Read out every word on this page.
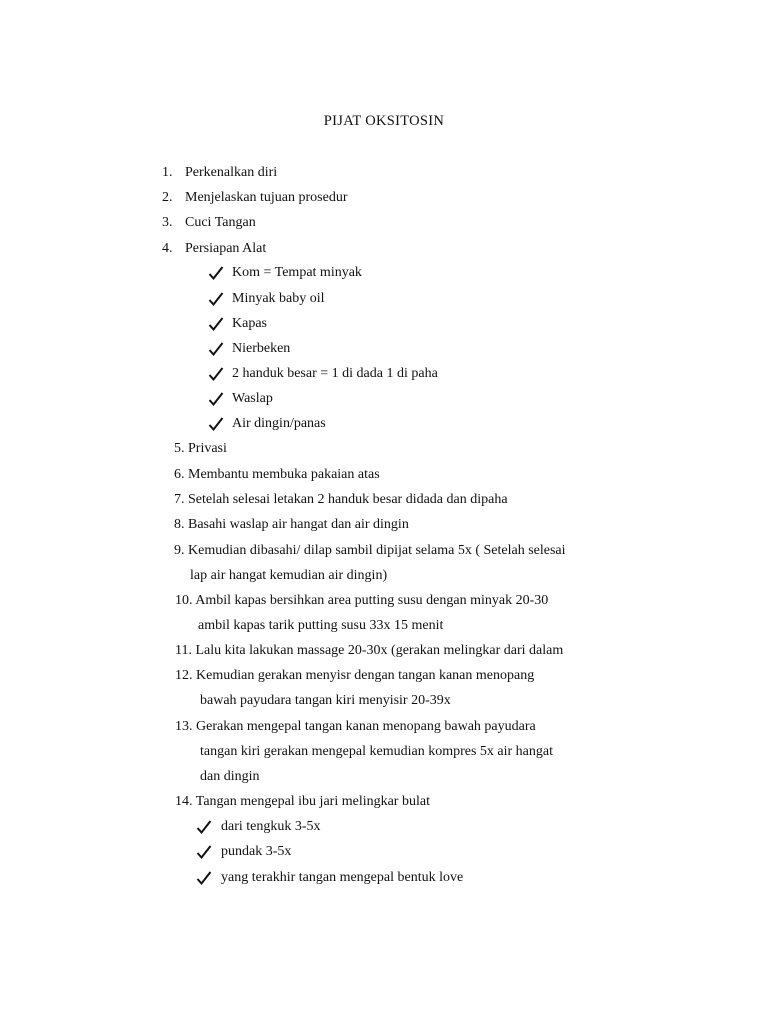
PIJAT OKSITOSIN
1. Perkenalkan diri
2. Menjelaskan tujuan prosedur
3. Cuci Tangan
4. Persiapan Alat
Kom = Tempat minyak
Minyak baby oil
Kapas
Nierbeken
2 handuk besar = 1 di dada 1 di paha
Waslap
Air dingin/panas
5. Privasi
6. Membantu membuka pakaian atas
7. Setelah selesai letakan 2 handuk besar didada dan dipaha
8. Basahi waslap air hangat dan air dingin
9. Kemudian dibasahi/ dilap sambil dipijat selama 5x ( Setelah selesai
lap air hangat kemudian air dingin)
10. Ambil kapas bersihkan area putting susu dengan minyak 20-30
ambil kapas tarik putting susu 33x 15 menit
11. Lalu kita lakukan massage 20-30x (gerakan melingkar dari dalam
12. Kemudian gerakan menyisr dengan tangan kanan menopang
bawah payudara tangan kiri menyisir 20-39x
13. Gerakan mengepal tangan kanan menopang bawah payudara
tangan kiri gerakan mengepal kemudian kompres 5x air hangat
dan dingin
14. Tangan mengepal ibu jari melingkar bulat
dari tengkuk 3-5x
pundak 3-5x
yang terakhir tangan mengepal bentuk love
